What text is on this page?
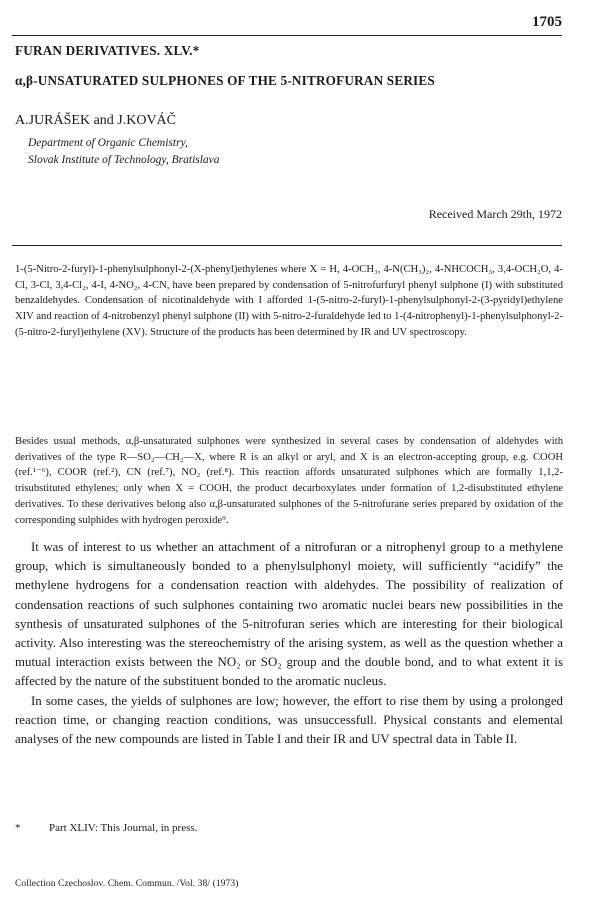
1705
FURAN DERIVATIVES. XLV.*
α,β-UNSATURATED SULPHONES OF THE 5-NITROFURAN SERIES
A.JURÁŠEK and J.KOVÁČ
Department of Organic Chemistry,
Slovak Institute of Technology, Bratislava
Received March 29th, 1972
1-(5-Nitro-2-furyl)-1-phenylsulphonyl-2-(X-phenyl)ethylenes where X = H, 4-OCH₃, 4-N(CH₃)₂, 4-NHCOCH₃, 3,4-OCH₂O, 4-Cl, 3-Cl, 3,4-Cl₂, 4-I, 4-NO₂, 4-CN, have been prepared by condensation of 5-nitrofurfuryl phenyl sulphone (I) with substituted benzaldehydes. Condensation of nicotinaldehyde with I afforded 1-(5-nitro-2-furyl)-1-phenylsulphonyl-2-(3-pyridyl)ethylene XIV and reaction of 4-nitrobenzyl phenyl sulphone (II) with 5-nitro-2-furaldehyde led to 1-(4-nitrophenyl)-1-phenylsulphonyl-2-(5-nitro-2-furyl)ethylene (XV). Structure of the products has been determined by IR and UV spectroscopy.
Besides usual methods, α,β-unsaturated sulphones were synthesized in several cases by condensation of aldehydes with derivatives of the type R—SO₂—CH₂—X, where R is an alkyl or aryl, and X is an electron-accepting group, e.g. COOH (ref.¹⁻⁶), COOR (ref.²), CN (ref.⁷), NO₂ (ref.⁸). This reaction affords unsaturated sulphones which are formally 1,1,2-trisubstituted ethylenes; only when X = COOH, the product decarboxylates under formation of 1,2-disubstituted ethylene derivatives. To these derivatives belong also α,β-unsaturated sulphones of the 5-nitrofurane series prepared by oxidation of the corresponding sulphides with hydrogen peroxide⁹.

It was of interest to us whether an attachment of a nitrofuran or a nitrophenyl group to a methylene group, which is simultaneously bonded to a phenylsulphonyl moiety, will sufficiently “acidify” the methylene hydrogens for a condensation reaction with aldehydes. The possibility of realization of condensation reactions of such sulphones containing two aromatic nuclei bears new possibilities in the synthesis of unsaturated sulphones of the 5-nitrofuran series which are interesting for their biological activity. Also interesting was the stereochemistry of the arising system, as well as the question whether a mutual interaction exists between the NO₂ or SO₂ group and the double bond, and to what extent it is affected by the nature of the substituent bonded to the aromatic nucleus.

In some cases, the yields of sulphones are low; however, the effort to rise them by using a prolonged reaction time, or changing reaction conditions, was unsuccessfull. Physical constants and elemental analyses of the new compounds are listed in Table I and their IR and UV spectral data in Table II.

*	Part XLIV: This Journal, in press.
Collection Czechoslov. Chem. Commun. /Vol. 38/ (1973)
